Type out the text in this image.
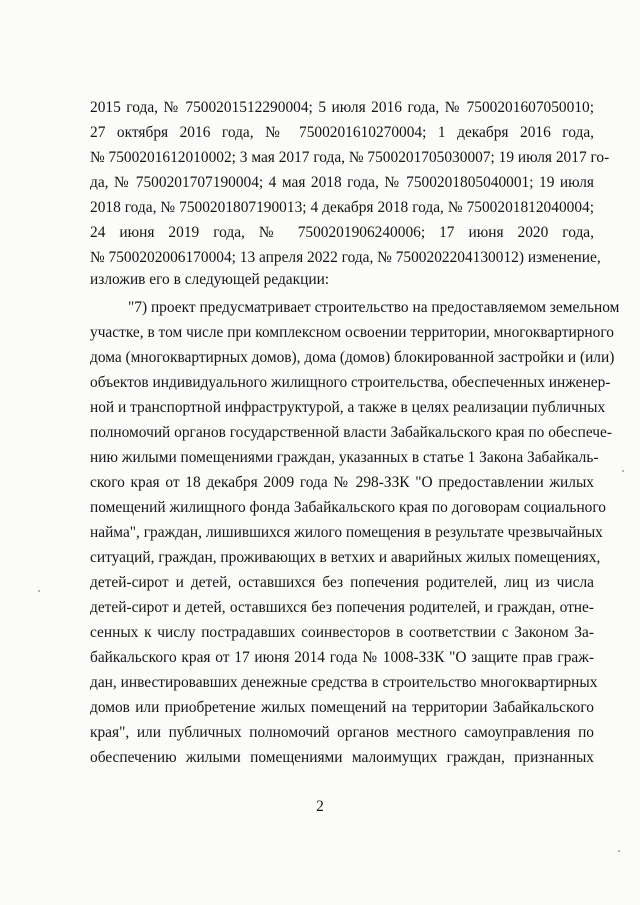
2015 года, № 7500201512290004; 5 июля 2016 года, № 7500201607050010;
27 октября 2016 года, № 7500201610270004; 1 декабря 2016 года,
№ 7500201612010002; 3 мая 2017 года, № 7500201705030007; 19 июля 2017 го-
да, № 7500201707190004; 4 мая 2018 года, № 7500201805040001; 19 июля
2018 года, № 7500201807190013; 4 декабря 2018 года, № 7500201812040004;
24 июня 2019 года, № 7500201906240006; 17 июня 2020 года,
№ 7500202006170004; 13 апреля 2022 года, № 7500202204130012) изменение,
изложив его в следующей редакции:
"7) проект предусматривает строительство на предоставляемом земельном
участке, в том числе при комплексном освоении территории, многоквартирного
дома (многоквартирных домов), дома (домов) блокированной застройки и (или)
объектов индивидуального жилищного строительства, обеспеченных инженер-
ной и транспортной инфраструктурой, а также в целях реализации публичных
полномочий органов государственной власти Забайкальского края по обеспече-
нию жилыми помещениями граждан, указанных в статье 1 Закона Забайкаль-
ского края от 18 декабря 2009 года № 298-ЗЗК "О предоставлении жилых
помещений жилищного фонда Забайкальского края по договорам социального
найма", граждан, лишившихся жилого помещения в результате чрезвычайных
ситуаций, граждан, проживающих в ветхих и аварийных жилых помещениях,
детей-сирот и детей, оставшихся без попечения родителей, лиц из числа
детей-сирот и детей, оставшихся без попечения родителей, и граждан, отне-
сенных к числу пострадавших соинвесторов в соответствии с Законом За-
байкальского края от 17 июня 2014 года № 1008-ЗЗК "О защите прав граж-
дан, инвестировавших денежные средства в строительство многоквартирных
домов или приобретение жилых помещений на территории Забайкальского
края", или публичных полномочий органов местного самоуправления по
обеспечению жилыми помещениями малоимущих граждан, признанных
2
